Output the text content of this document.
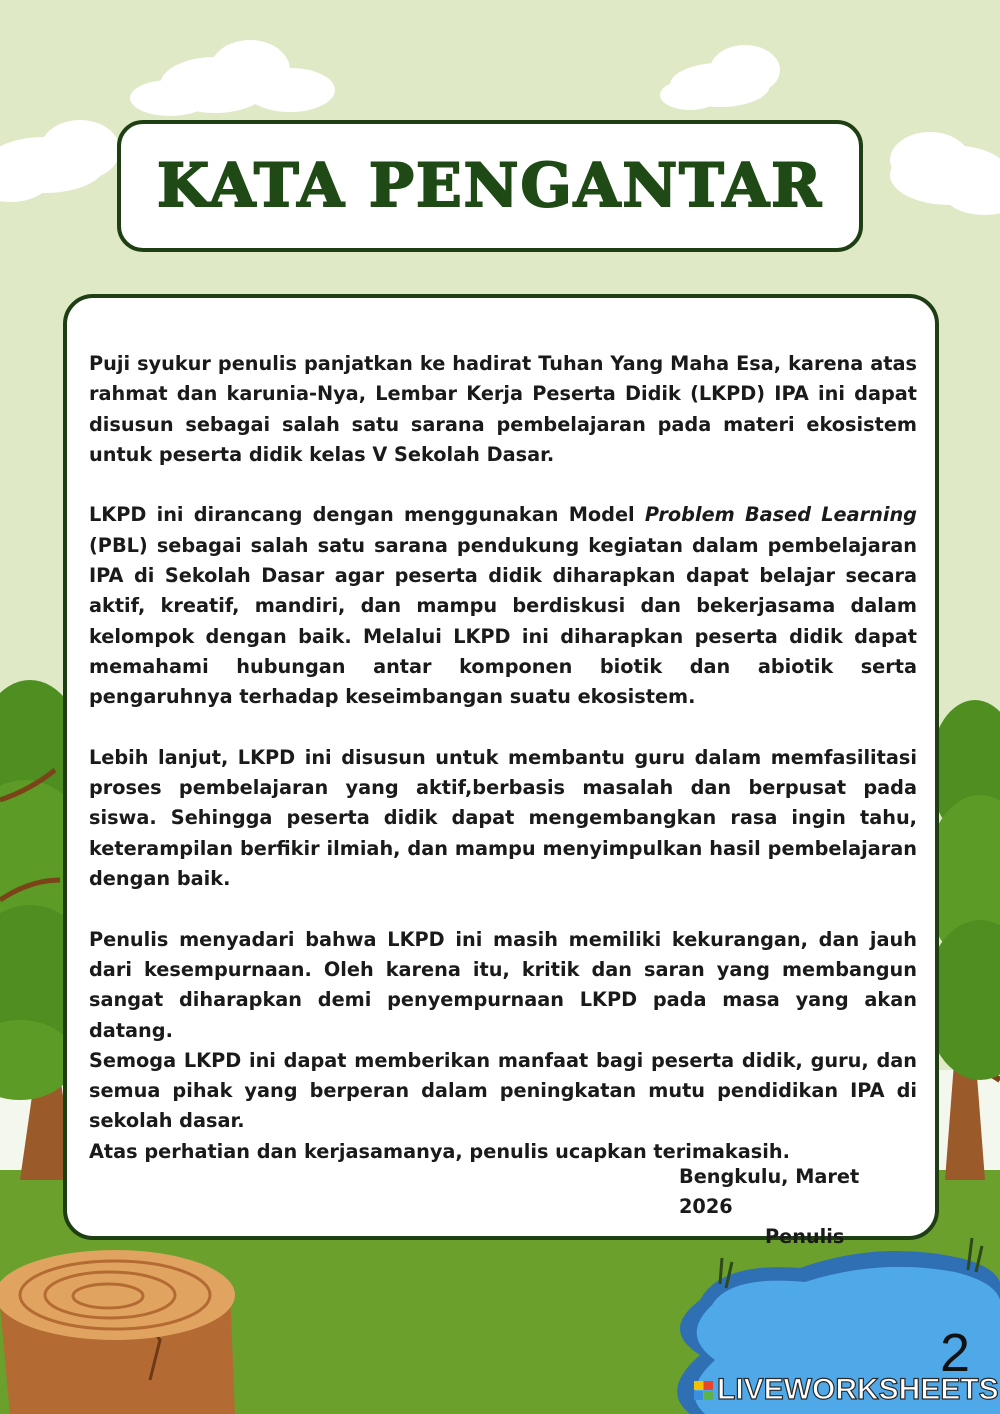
KATA PENGANTAR

Puji syukur penulis panjatkan ke hadirat Tuhan Yang Maha Esa, karena atas rahmat dan karunia-Nya, Lembar Kerja Peserta Didik (LKPD) IPA ini dapat disusun sebagai salah satu sarana pembelajaran pada materi ekosistem untuk peserta didik kelas V Sekolah Dasar.

LKPD ini dirancang dengan menggunakan Model Problem Based Learning (PBL) sebagai salah satu sarana pendukung kegiatan dalam pembelajaran IPA di Sekolah Dasar agar peserta didik diharapkan dapat belajar secara aktif, kreatif, mandiri, dan mampu berdiskusi dan bekerjasama dalam kelompok dengan baik. Melalui LKPD ini diharapkan peserta didik dapat memahami hubungan antar komponen biotik dan abiotik serta pengaruhnya terhadap keseimbangan suatu ekosistem.

Lebih lanjut, LKPD ini disusun untuk membantu guru dalam memfasilitasi proses pembelajaran yang aktif,berbasis masalah dan berpusat pada siswa. Sehingga peserta didik dapat mengembangkan rasa ingin tahu, keterampilan berfikir ilmiah, dan mampu menyimpulkan hasil pembelajaran dengan baik.

Penulis menyadari bahwa LKPD ini masih memiliki kekurangan, dan jauh dari kesempurnaan. Oleh karena itu, kritik dan saran yang membangun sangat diharapkan demi penyempurnaan LKPD pada masa yang akan datang.

Semoga LKPD ini dapat memberikan manfaat bagi peserta didik, guru, dan semua pihak yang berperan dalam peningkatan mutu pendidikan IPA di sekolah dasar.

Atas perhatian dan kerjasamanya, penulis ucapkan terimakasih.

Bengkulu, Maret 2026
Penulis
2
LIVEWORKSHEETS
